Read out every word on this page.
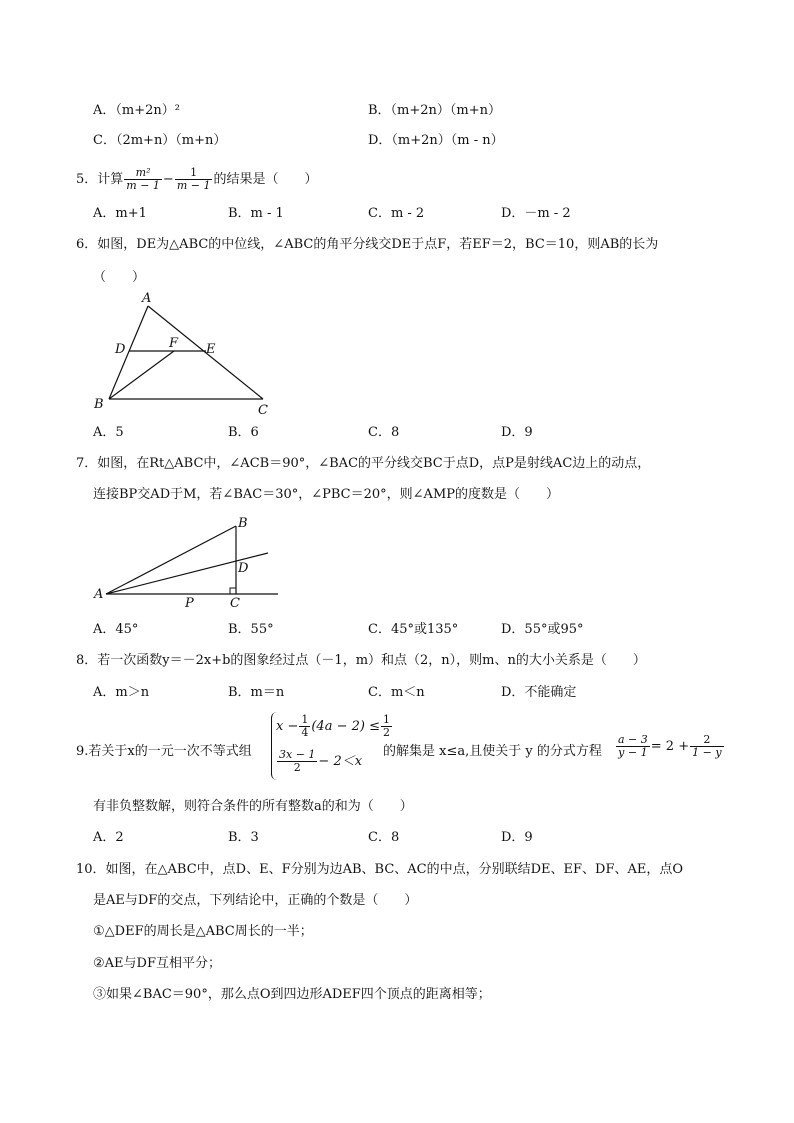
A．（m+2n）²	B．（m+2n）（m+n）
C．（2m+n）（m+n）	D．（m+2n）（m - n）
5．计算 $\frac{\text{m²}}{m - 1} - \frac{1}{m - 1}$ 的结果是（　　）
A．m+1	B．m - 1	C．m - 2	D．－m - 2
6．如图，DE为△ABC的中位线，∠ABC的角平分线交DE于点F，若EF＝2，BC＝10，则AB的长为
（　　）
A
D	F E
B	C
A．5	B．6	C．8	D．9
7．如图，在Rt△ABC中，∠ACB＝90°，∠BAC的平分线交BC于点D，点P是射线AC边上的动点，
连接BP交AD于M，若∠BAC＝30°，∠PBC＝20°，则∠AMP的度数是（　　）
B
D
A
P	C
A．45°	B．55°	C．45°或135°	D．55°或95°
8．若一次函数y＝－2x+b的图象经过点（－1，m）和点（2，n），则m、n的大小关系是（　　）
A．m＞n	B．m＝n	C．m＜n	D．不能确定
9.若关于x的一元一次不等式组
$x - \frac{1}{4} (4a - 2) \le \frac{1}{2}$
$\frac{3x - 1}{2} - 2<x$
的解集是 x≤a,且使关于 y 的分式方程 $\frac{a - 3}{y - 1} = 2 + \frac{2}{1 - y}$
有非负整数解，则符合条件的所有整数a的和为（　　）
A．2	B．3	C．8	D．9
10．如图，在△ABC中，点D、E、F分别为边AB、BC、AC的中点，分别联结DE、EF、DF、AE，点O
是AE与DF的交点，下列结论中，正确的个数是（　　）
①△DEF的周长是△ABC周长的一半；
②AE与DF互相平分；
③如果∠BAC＝90°，那么点O到四边形ADEF四个顶点的距离相等；
